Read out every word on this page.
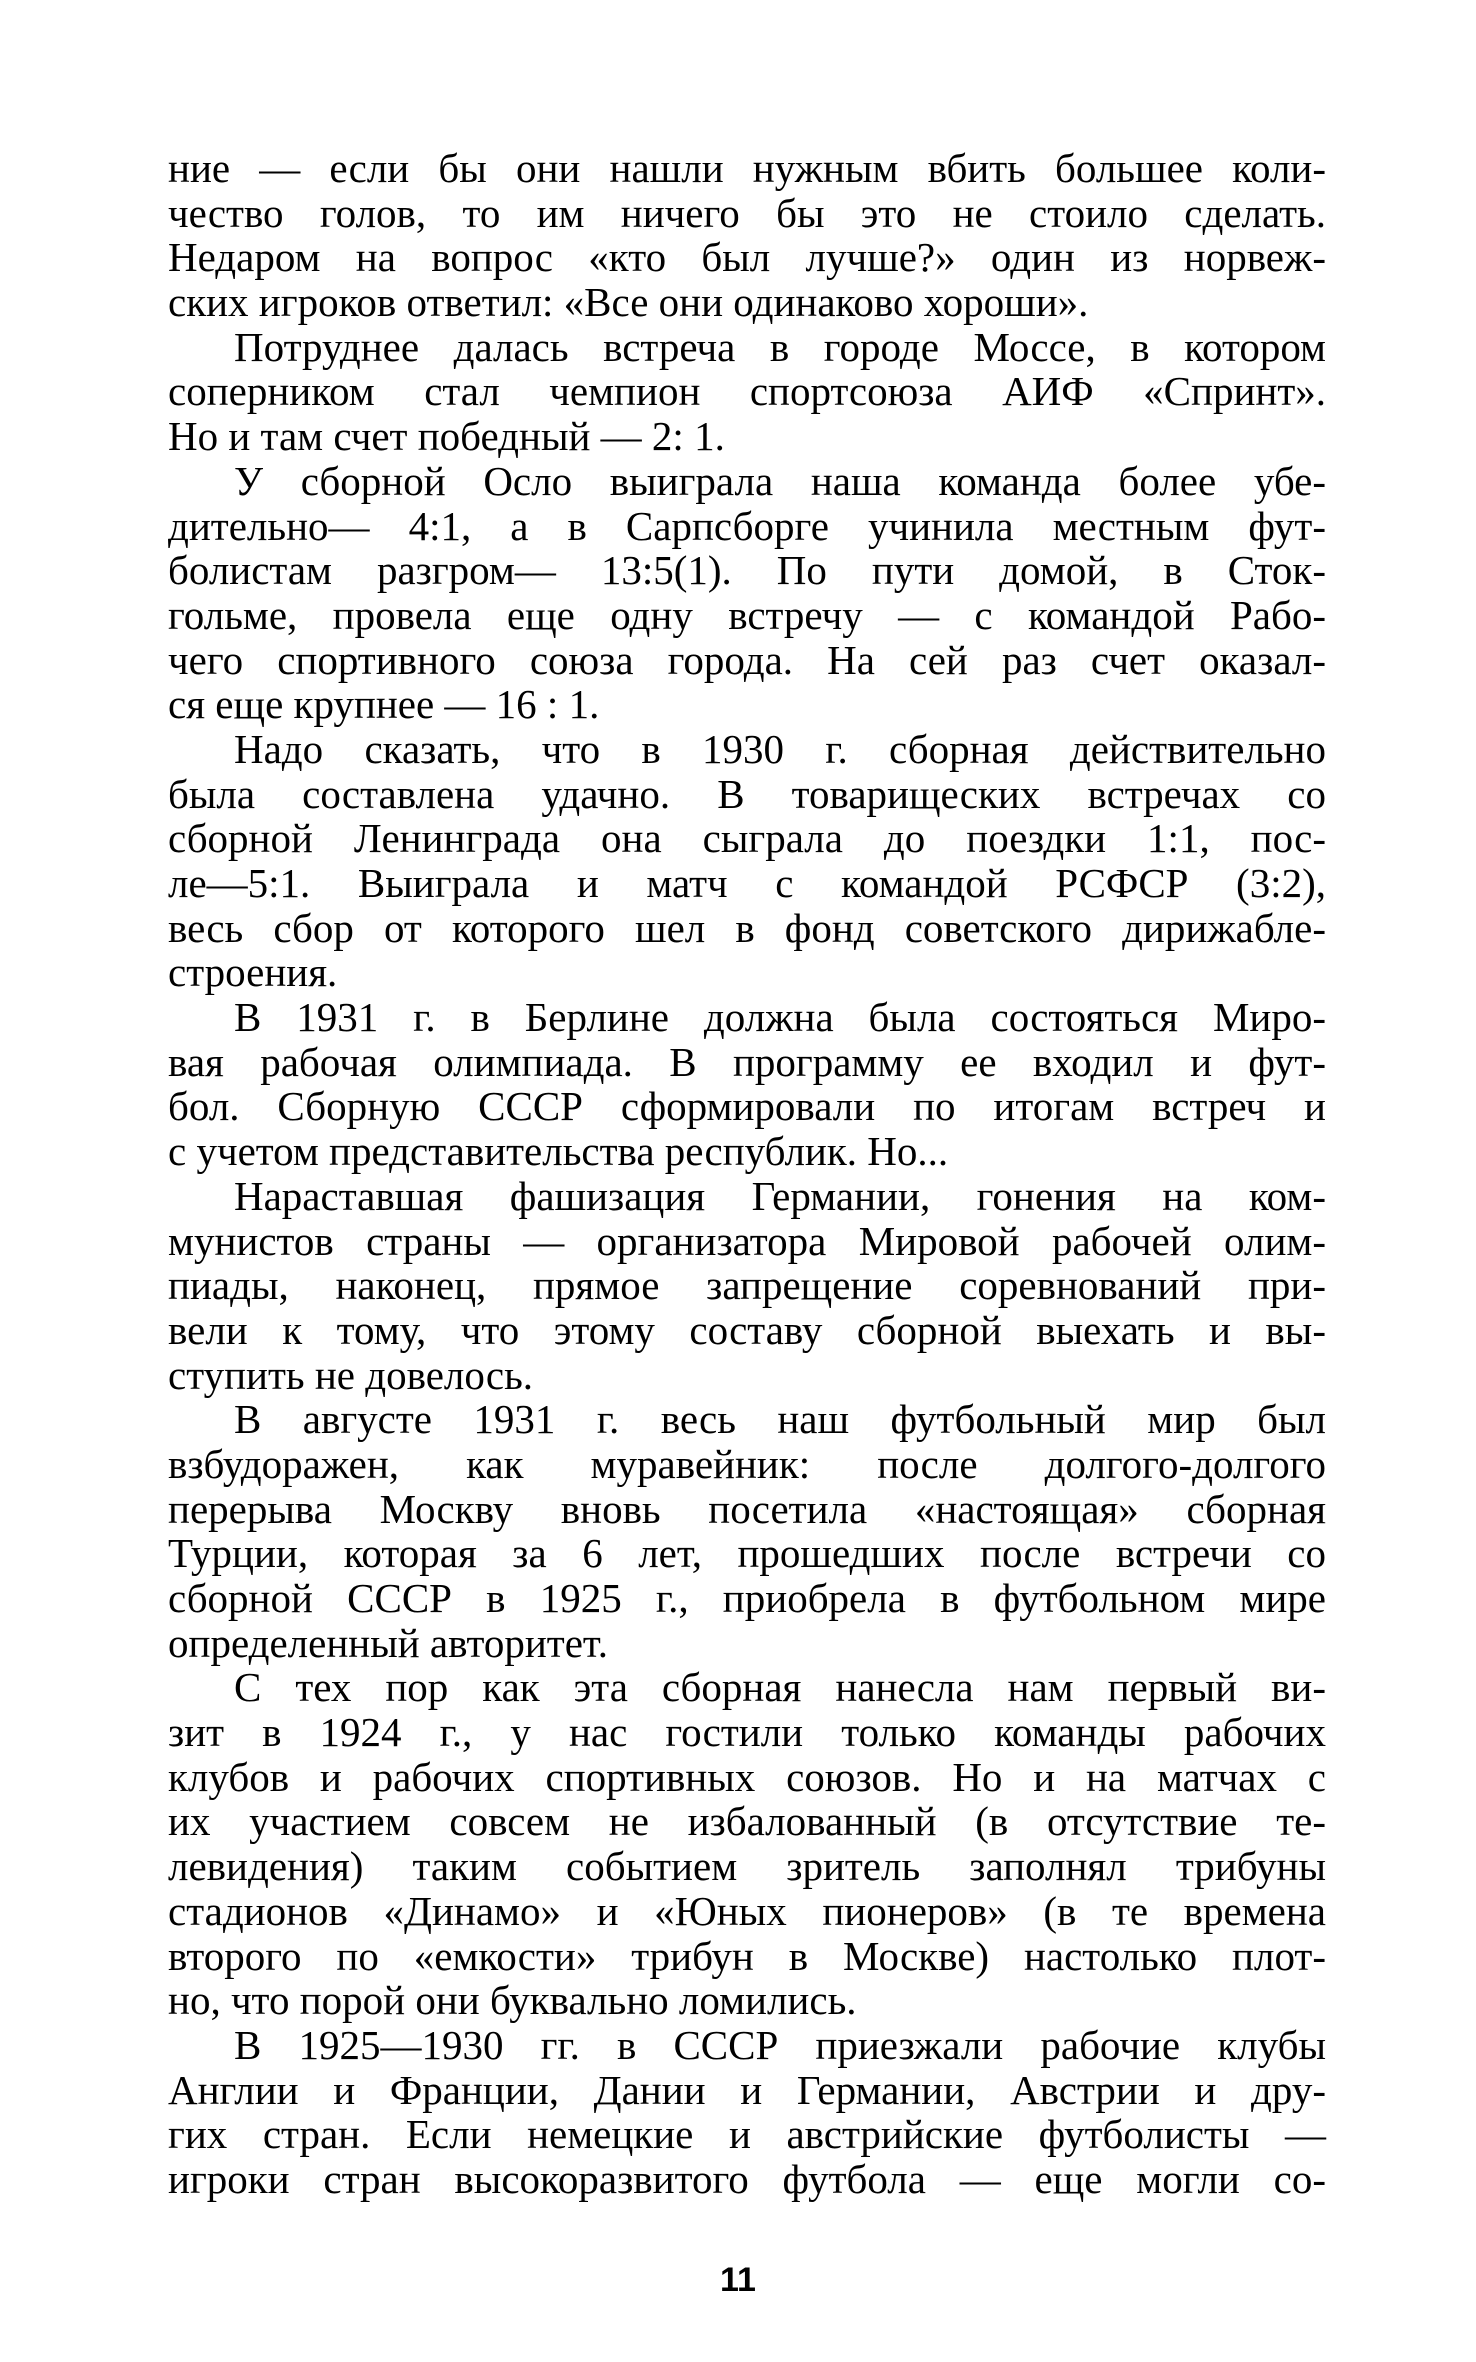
ние — если бы они нашли нужным вбить большее коли-
чество голов, то им ничего бы это не стоило сделать.
Недаром на вопрос «кто был лучше?» один из норвеж-
ских игроков ответил: «Все они одинаково хороши».
Потруднее далась встреча в городе Моссе, в котором
соперником стал чемпион спортсоюза АИФ «Спринт».
Но и там счет победный — 2: 1.
У сборной Осло выиграла наша команда более убе-
дительно— 4:1, а в Сарпсборге учинила местным фут-
болистам разгром— 13:5(1). По пути домой, в Сток-
гольме, провела еще одну встречу — с командой Рабо-
чего спортивного союза города. На сей раз счет оказал-
ся еще крупнее — 16 : 1.
Надо сказать, что в 1930 г. сборная действительно
была составлена удачно. В товарищеских встречах со
сборной Ленинграда она сыграла до поездки 1:1, пос-
ле—5:1. Выиграла и матч с командой РСФСР (3:2),
весь сбор от которого шел в фонд советского дирижабле-
строения.
В 1931 г. в Берлине должна была состояться Миро-
вая рабочая олимпиада. В программу ее входил и фут-
бол. Сборную СССР сформировали по итогам встреч и
с учетом представительства республик. Но...
Нараставшая фашизация Германии, гонения на ком-
мунистов страны — организатора Мировой рабочей олим-
пиады, наконец, прямое запрещение соревнований при-
вели к тому, что этому составу сборной выехать и вы-
ступить не довелось.
В августе 1931 г. весь наш футбольный мир был
взбудоражен, как муравейник: после долгого-долгого
перерыва Москву вновь посетила «настоящая» сборная
Турции, которая за 6 лет, прошедших после встречи со
сборной СССР в 1925 г., приобрела в футбольном мире
определенный авторитет.
С тех пор как эта сборная нанесла нам первый ви-
зит в 1924 г., у нас гостили только команды рабочих
клубов и рабочих спортивных союзов. Но и на матчах с
их участием совсем не избалованный (в отсутствие те-
левидения) таким событием зритель заполнял трибуны
стадионов «Динамо» и «Юных пионеров» (в те времена
второго по «емкости» трибун в Москве) настолько плот-
но, что порой они буквально ломились.
В 1925—1930 гг. в СССР приезжали рабочие клубы
Англии и Франции, Дании и Германии, Австрии и дру-
гих стран. Если немецкие и австрийские футболисты —
игроки стран высокоразвитого футбола — еще могли со-
11
